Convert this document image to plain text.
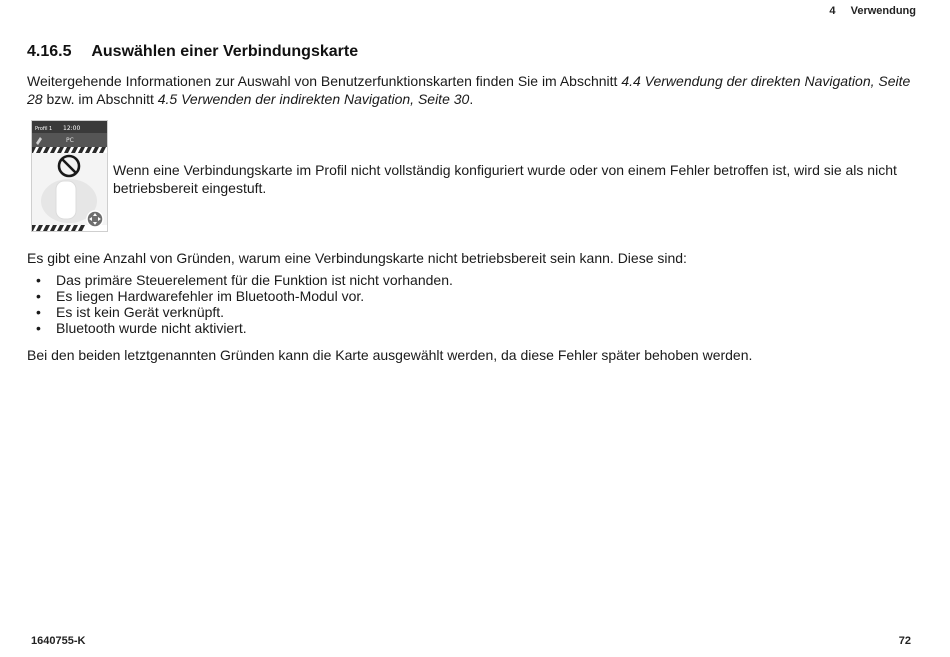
4 Verwendung
4.16.5 Auswählen einer Verbindungskarte

Weitergehende Informationen zur Auswahl von Benutzerfunktionskarten finden Sie im Abschnitt 4.4 Verwendung der direkten Navigation, Seite 28 bzw. im Abschnitt 4.5 Verwenden der indirekten Navigation, Seite 30.

Profil 1 12:00
PC

Wenn eine Verbindungskarte im Profil nicht vollständig konfiguriert wurde oder von einem Fehler betroffen ist, wird sie als nicht betriebsbereit eingestuft.

Es gibt eine Anzahl von Gründen, warum eine Verbindungskarte nicht betriebsbereit sein kann. Diese sind:

• Das primäre Steuerelement für die Funktion ist nicht vorhanden.
• Es liegen Hardwarefehler im Bluetooth-Modul vor.
• Es ist kein Gerät verknüpft.
• Bluetooth wurde nicht aktiviert.

Bei den beiden letztgenannten Gründen kann die Karte ausgewählt werden, da diese Fehler später behoben werden.

1640755-K	72
